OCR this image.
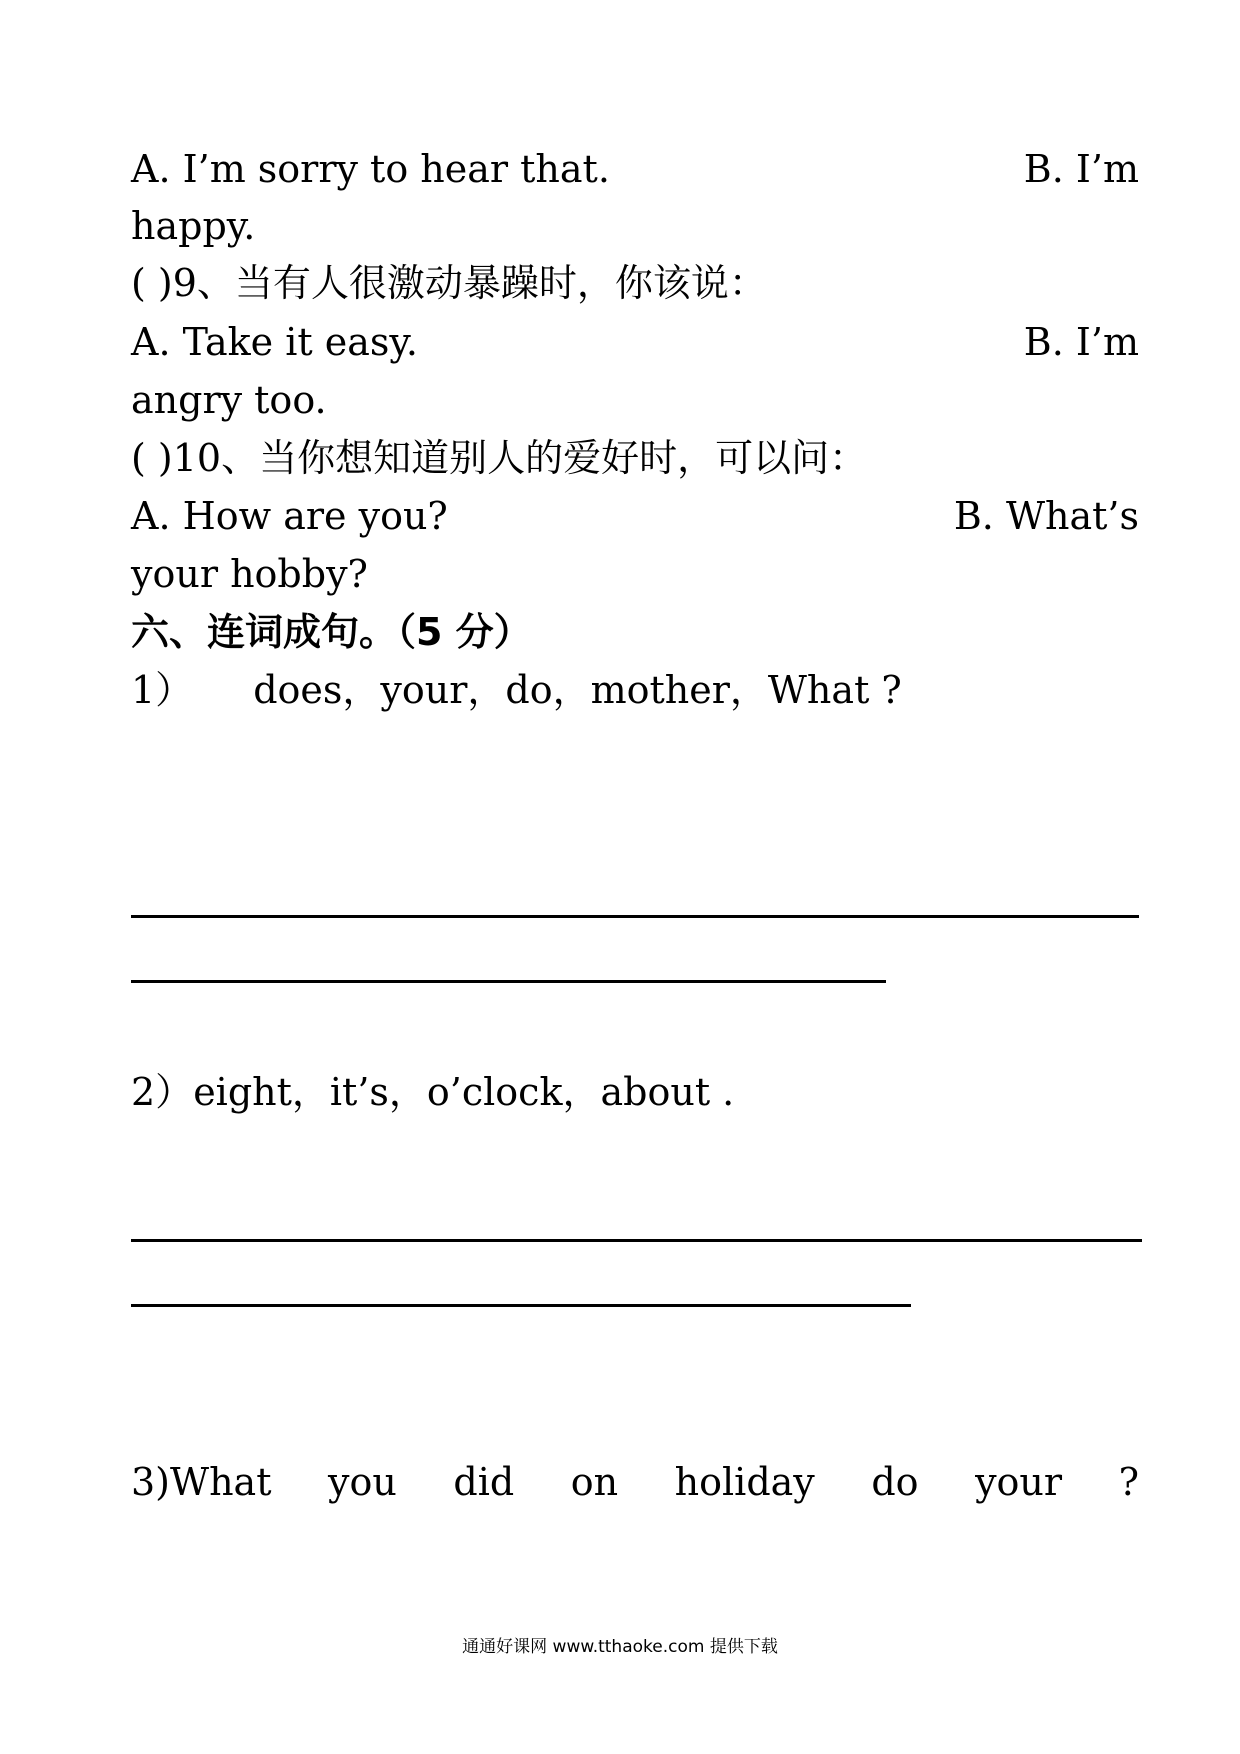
A. I’m sorry to hear that.	B. I’m
happy.
( )9、当有人很激动暴躁时，你该说：
A. Take it easy.	B. I’m
angry too.
( )10、当你想知道别人的爱好时，可以问：
A. How are you?	B. What’s
your hobby?
六、连词成句。（5 分）
1） does，your，do，mother，What ?
2）eight，it’s，o’clock，about .
3)What you did on holiday do your ?
通通好课网 www.tthaoke.com 提供下载
